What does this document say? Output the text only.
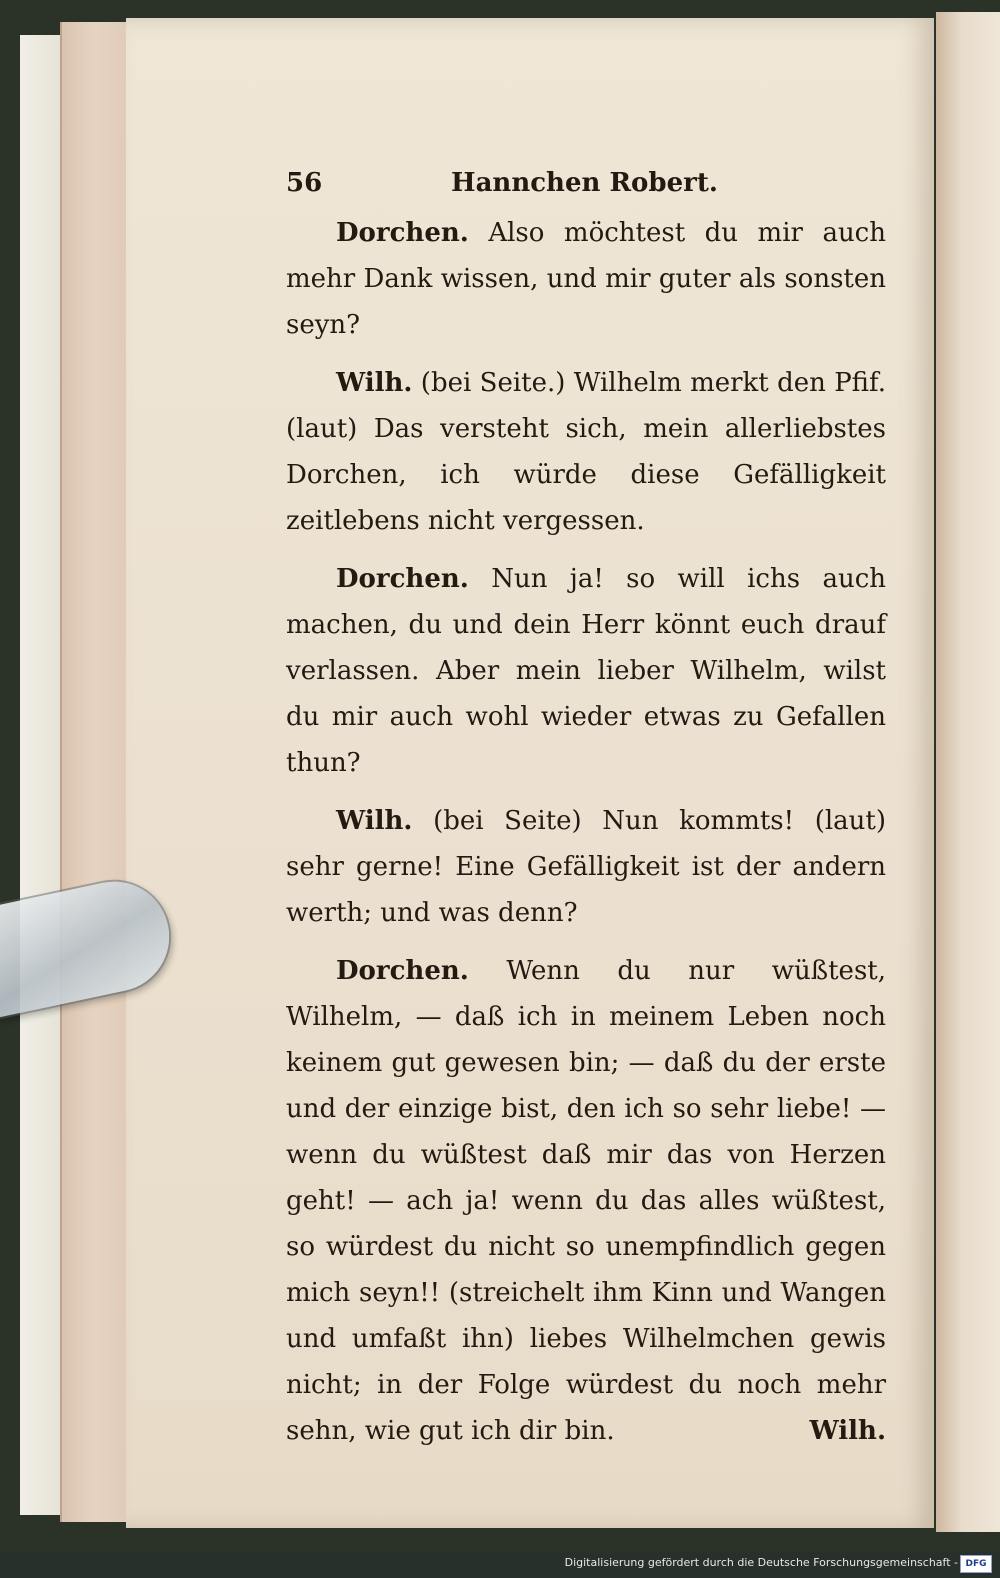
56	Hannchen Robert.

Dorchen. Also möchtest du mir auch mehr Dank wissen, und mir guter als sonsten seyn?

Wilh. (bei Seite.) Wilhelm merkt den Pfif. (laut) Das versteht sich, mein allerliebstes Dorchen, ich würde diese Gefälligkeit zeitlebens nicht vergessen.

Dorchen. Nun ja! so will ichs auch machen, du und dein Herr könnt euch drauf verlassen. Aber mein lieber Wilhelm, wilst du mir auch wohl wieder etwas zu Gefallen thun?

Wilh. (bei Seite) Nun kommts! (laut) sehr gerne! Eine Gefälligkeit ist der andern werth; und was denn?

Dorchen. Wenn du nur wüßtest, Wilhelm, — daß ich in meinem Leben noch keinem gut gewesen bin; — daß du der erste und der einzige bist, den ich so sehr liebe! — wenn du wüßtest daß mir das von Herzen geht! — ach ja! wenn du das alles wüßtest, so würdest du nicht so unempfindlich gegen mich seyn!! (streichelt ihm Kinn und Wangen und umfaßt ihn) liebes Wilhelmchen gewis nicht; in der Folge würdest du noch mehr sehn, wie gut ich dir bin.	Wilh.
Digitalisierung gefördert durch die Deutsche Forschungsgemeinschaft - DFG
